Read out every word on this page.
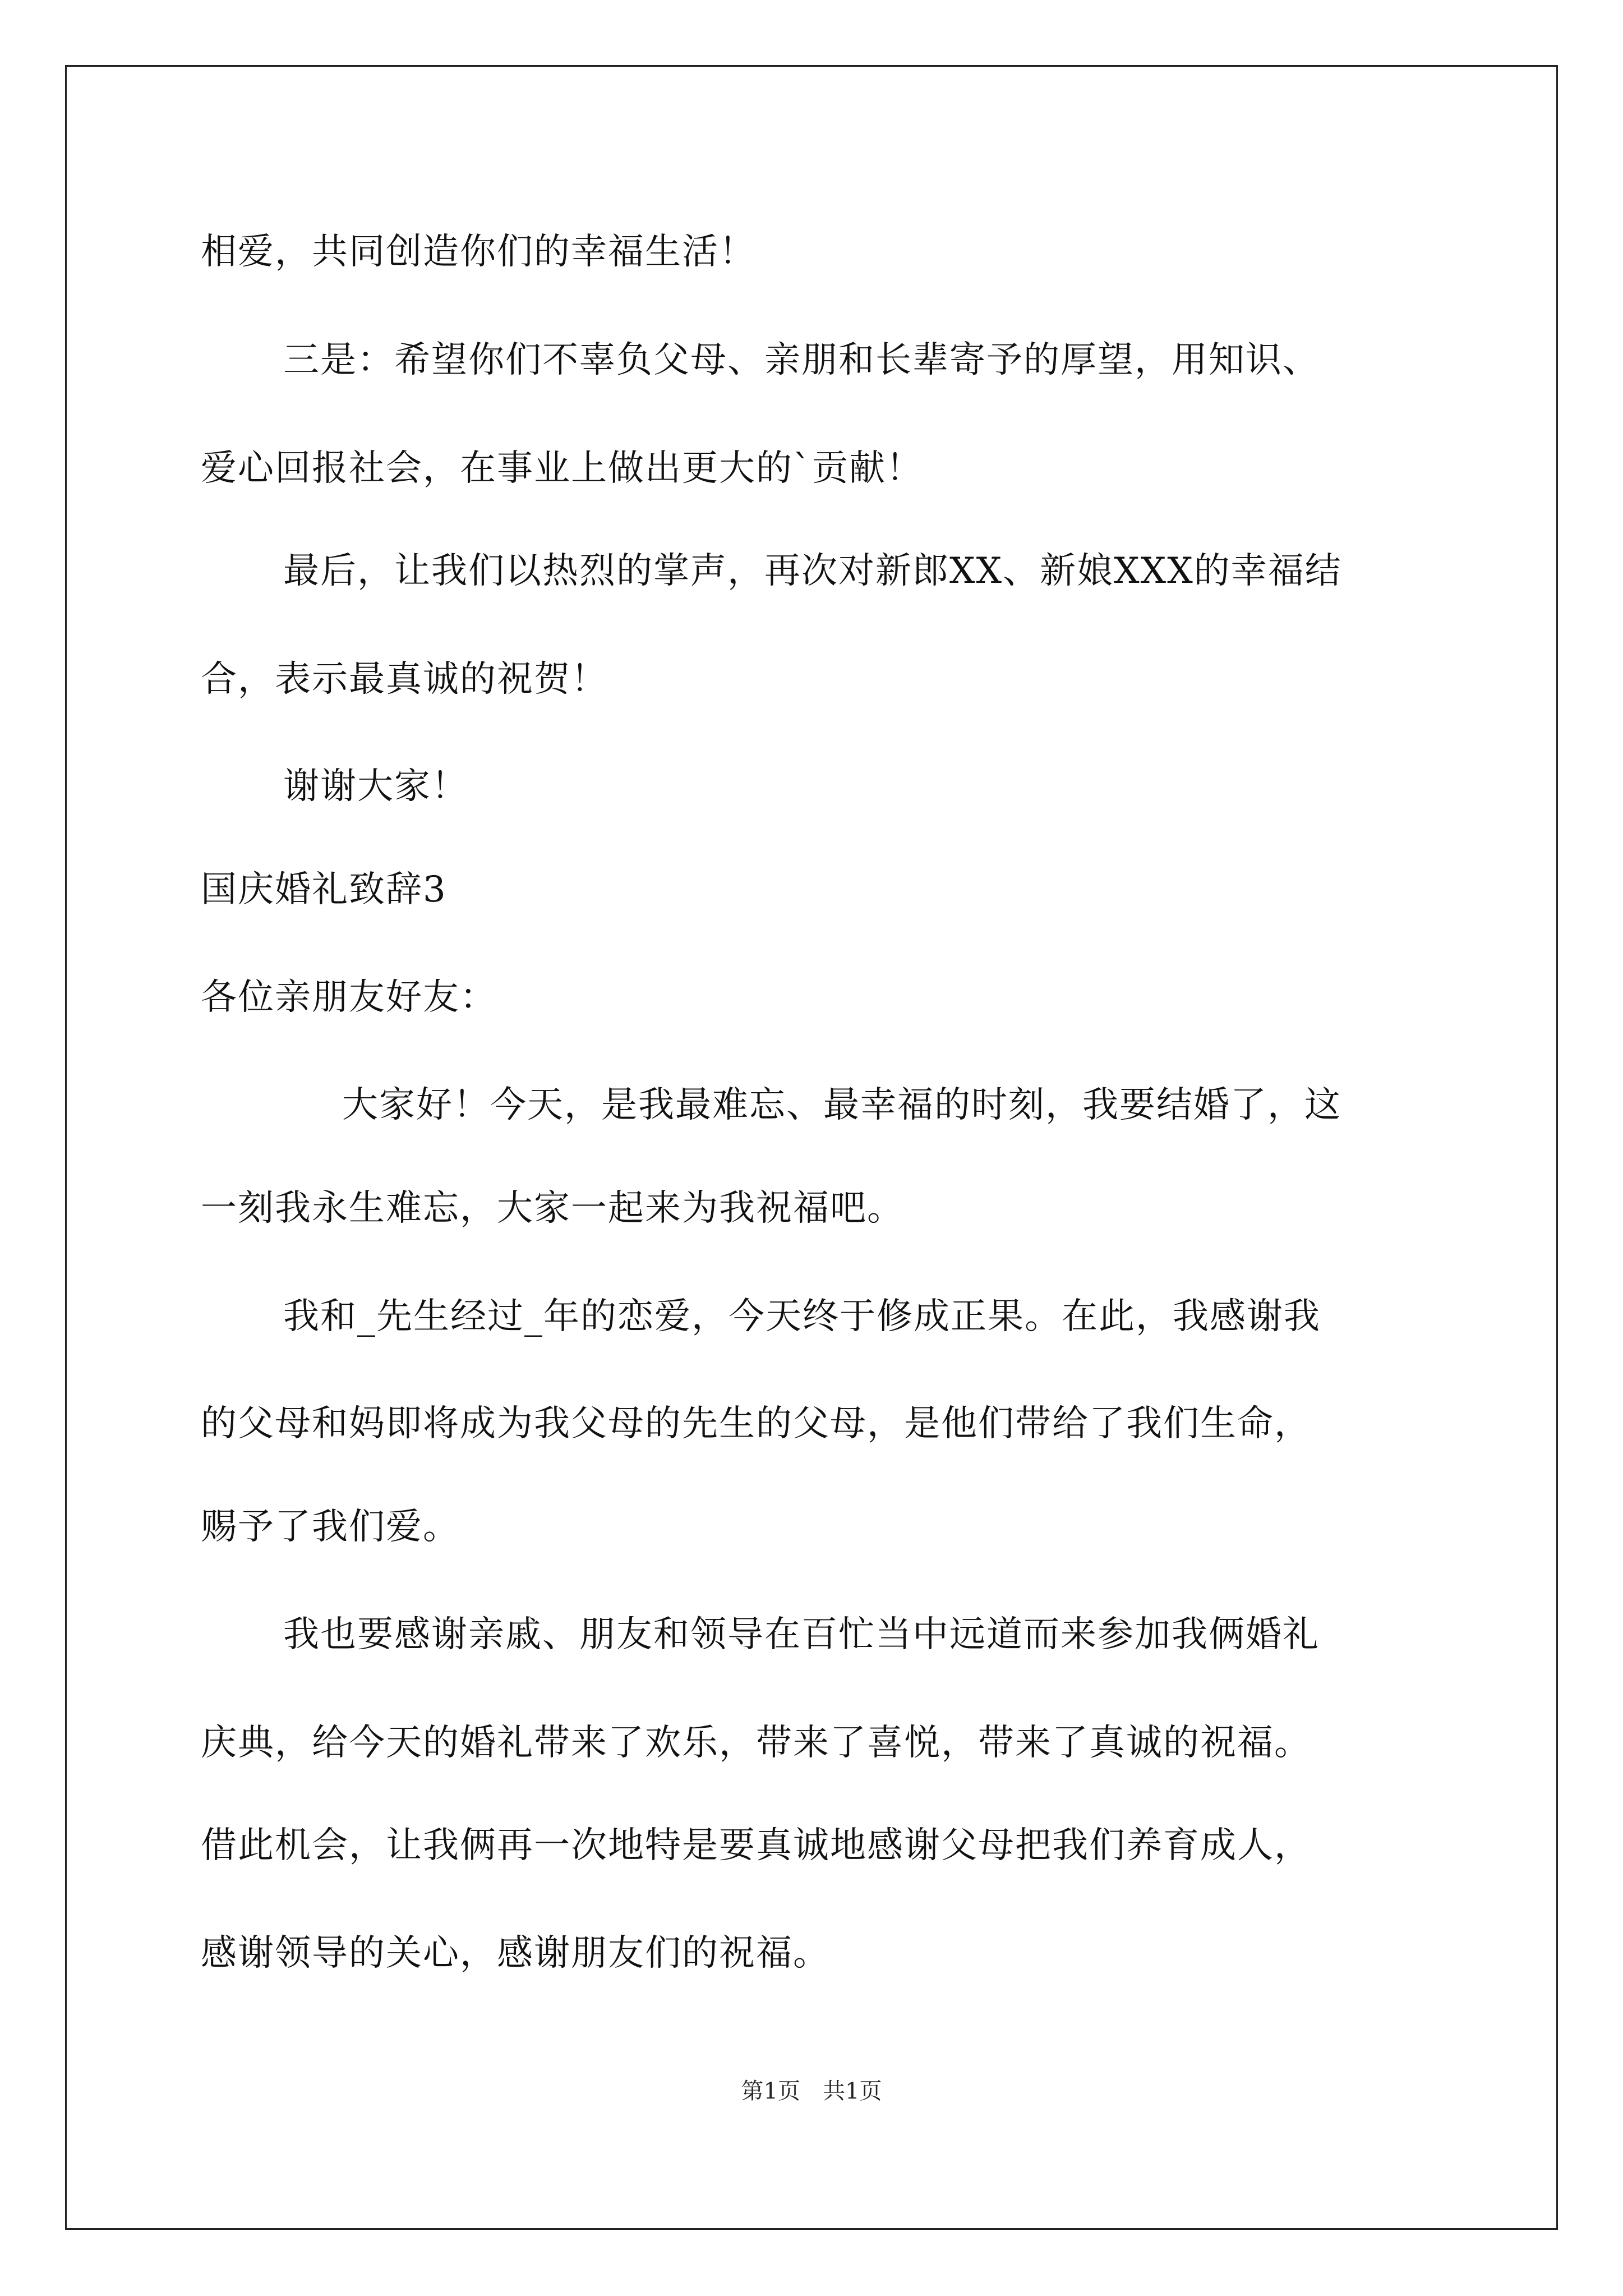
相爱，共同创造你们的幸福生活！
三是：希望你们不辜负父母、亲朋和长辈寄予的厚望，用知识、
爱心回报社会，在事业上做出更大的`贡献！
最后，让我们以热烈的掌声，再次对新郎XX、新娘XXX的幸福结
合，表示最真诚的祝贺！
谢谢大家！
国庆婚礼致辞3
各位亲朋友好友：
大家好！今天，是我最难忘、最幸福的时刻，我要结婚了，这
一刻我永生难忘，大家一起来为我祝福吧。
我和_先生经过_年的恋爱，今天终于修成正果。在此，我感谢我
的父母和妈即将成为我父母的先生的父母，是他们带给了我们生命，
赐予了我们爱。
我也要感谢亲戚、朋友和领导在百忙当中远道而来参加我俩婚礼
庆典，给今天的婚礼带来了欢乐，带来了喜悦，带来了真诚的祝福。
借此机会，让我俩再一次地特是要真诚地感谢父母把我们养育成人，
感谢领导的关心，感谢朋友们的祝福。
第1页　共1页
